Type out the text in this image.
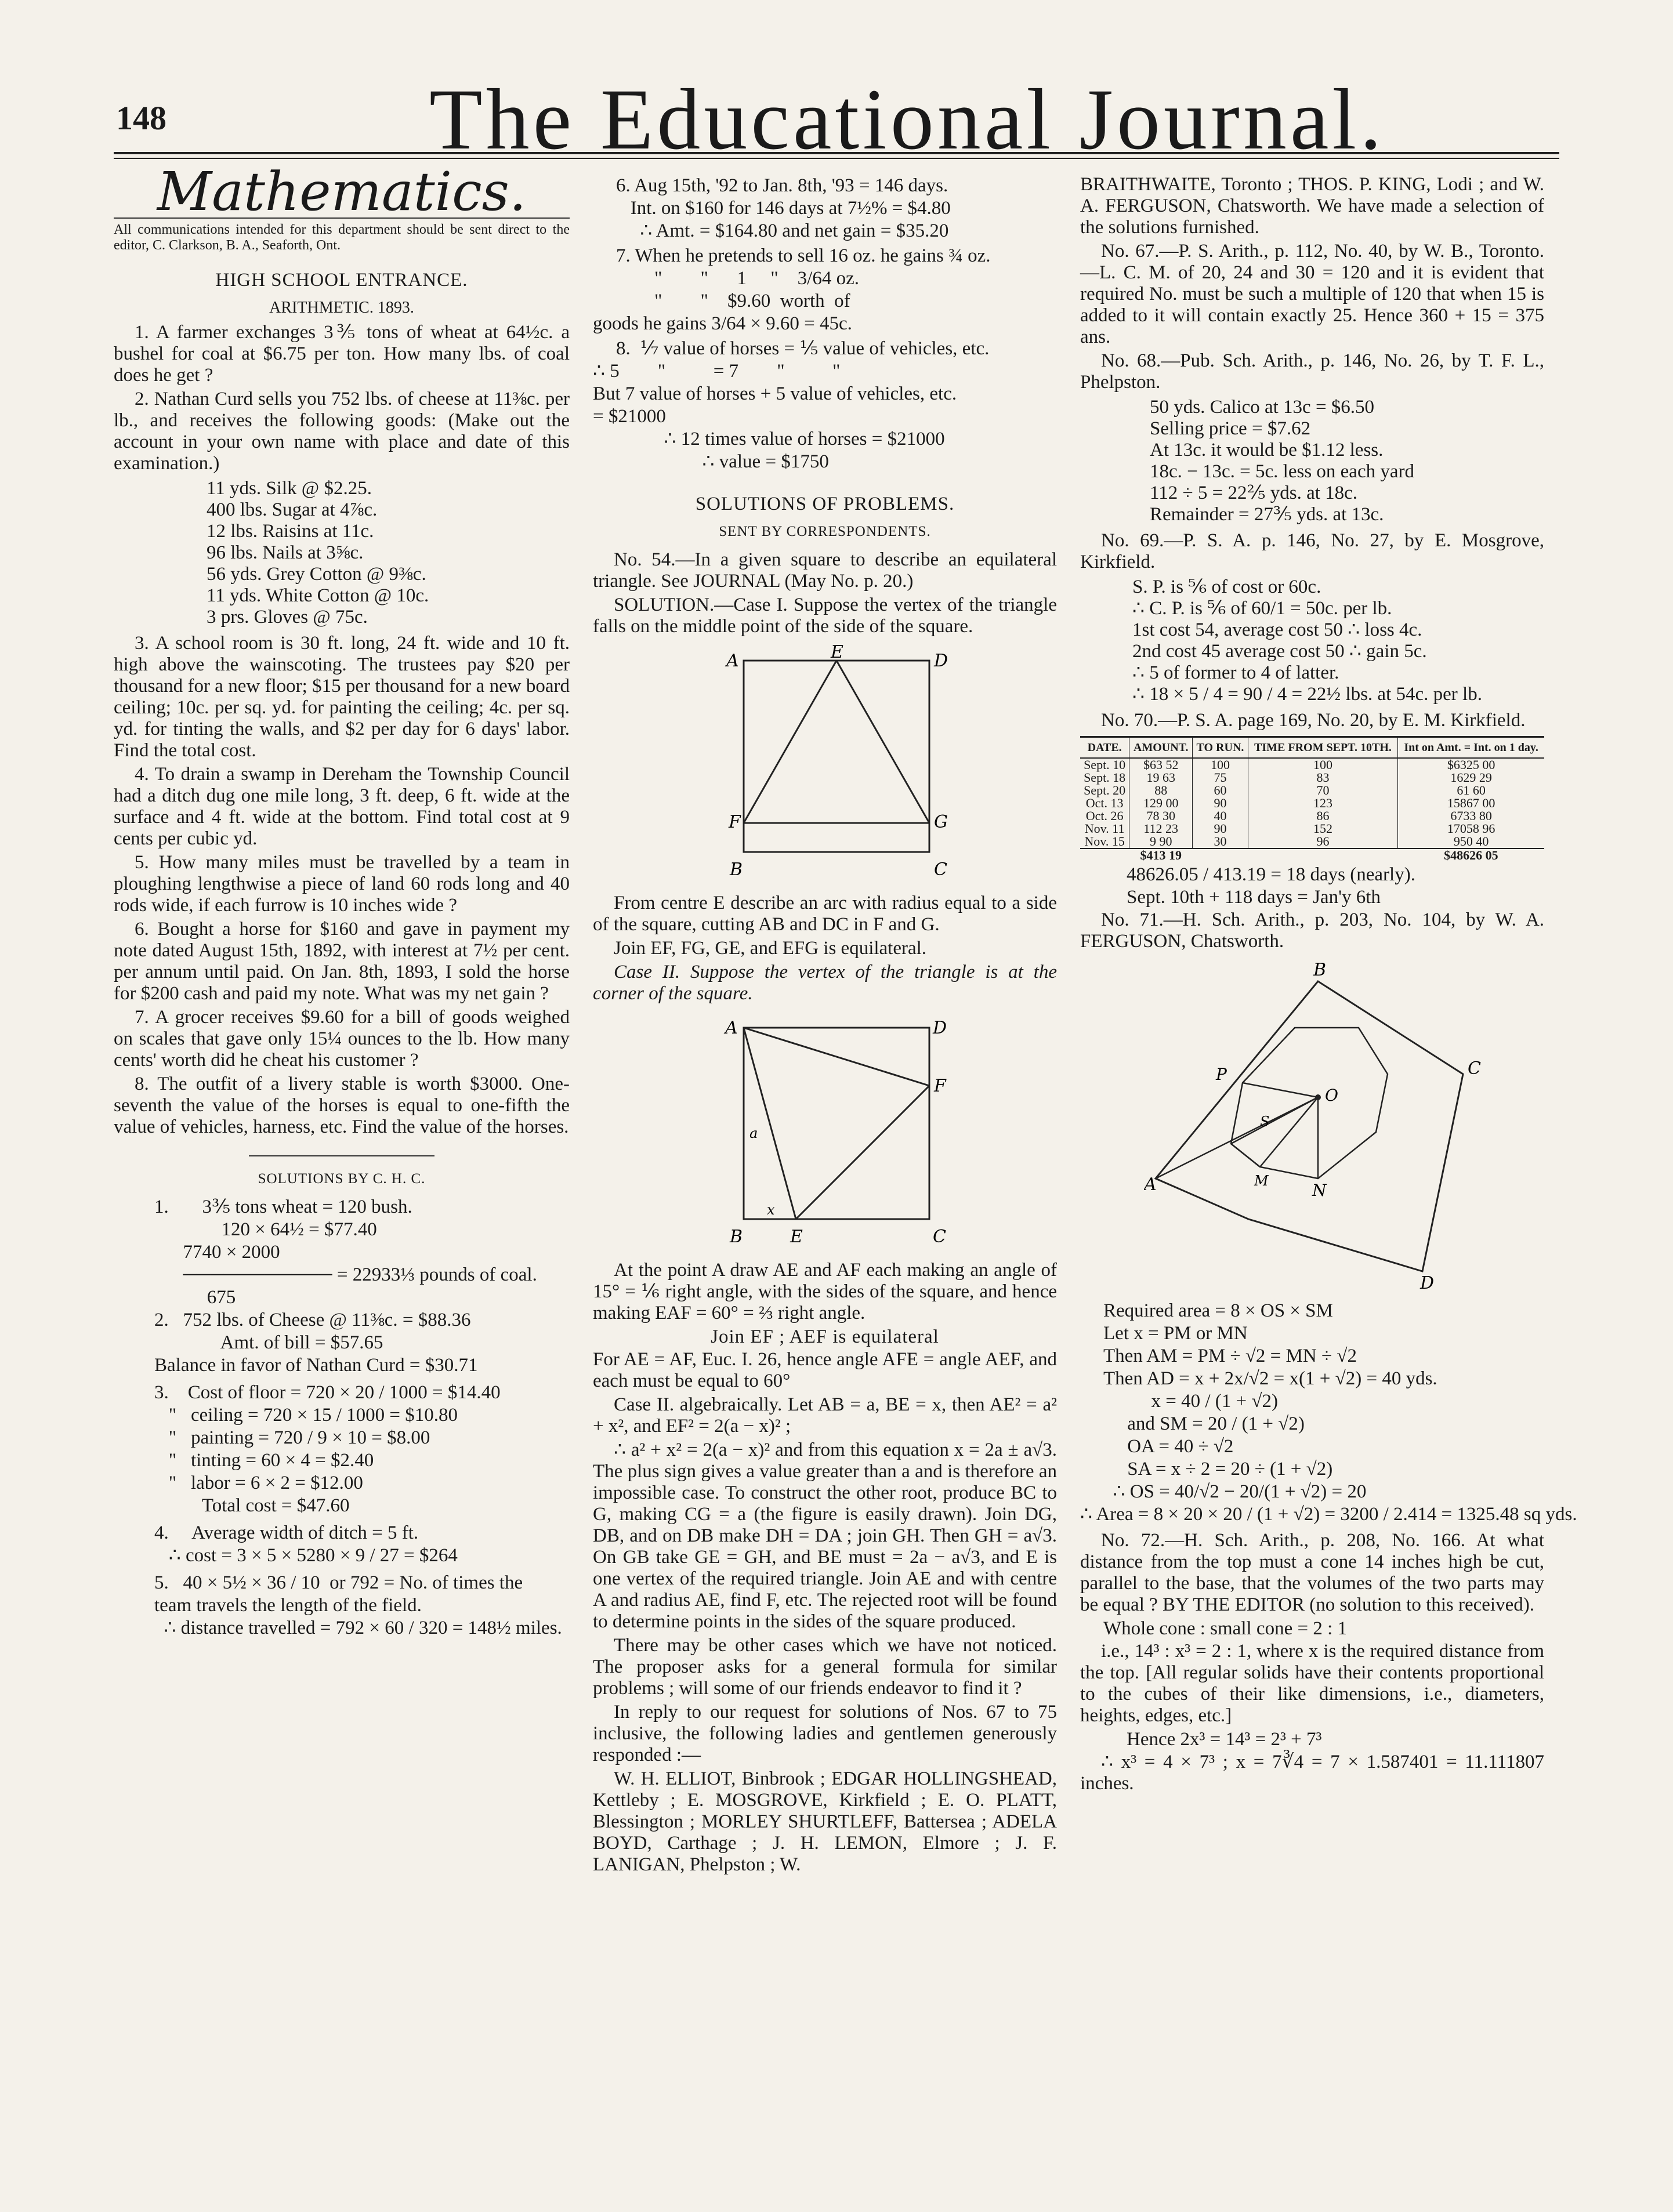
148	The Educational Journal.
Mathematics.
All communications intended for this department should be sent direct to the editor, C. Clarkson, B. A., Seaforth, Ont.
HIGH SCHOOL ENTRANCE.
ARITHMETIC. 1893.

1. A farmer exchanges 3⅗ tons of wheat at 64½c. a bushel for coal at $6.75 per ton. How many lbs. of coal does he get ?

2. Nathan Curd sells you 752 lbs. of cheese at 11⅜c. per lb., and receives the following goods: (Make out the account in your own name with place and date of this examination.)

11 yds. Silk @ $2.25.
400 lbs. Sugar at 4⅞c.
12 lbs. Raisins at 11c.
96 lbs. Nails at 3⅝c.
56 yds. Grey Cotton @ 9⅜c.
11 yds. White Cotton @ 10c.
3 prs. Gloves @ 75c.

3. A school room is 30 ft. long, 24 ft. wide and 10 ft. high above the wainscoting. The trustees pay $20 per thousand for a new floor; $15 per thousand for a new board ceiling; 10c. per sq. yd. for painting the ceiling; 4c. per sq. yd. for tinting the walls, and $2 per day for 6 days' labor. Find the total cost.

4. To drain a swamp in Dereham the Township Council had a ditch dug one mile long, 3 ft. deep, 6 ft. wide at the surface and 4 ft. wide at the bottom. Find total cost at 9 cents per cubic yd.

5. How many miles must be travelled by a team in ploughing lengthwise a piece of land 60 rods long and 40 rods wide, if each furrow is 10 inches wide ?

6. Bought a horse for $160 and gave in payment my note dated August 15th, 1892, with interest at 7½ per cent. per annum until paid. On Jan. 8th, 1893, I sold the horse for $200 cash and paid my note. What was my net gain ?

7. A grocer receives $9.60 for a bill of goods weighed on scales that gave only 15¼ ounces to the lb. How many cents' worth did he cheat his customer ?

8. The outfit of a livery stable is worth $3000. One-seventh the value of the horses is equal to one-fifth the value of vehicles, harness, etc. Find the value of the horses.

SOLUTIONS BY C. H. C.
1.       3⅗ tons wheat = 120 bush.
120 × 64½ = $77.40
7740 × 2000
─────────── = 22933⅓ pounds of coal.
675
2.   752 lbs. of Cheese @ 11⅜c. = $88.36
Amt. of bill = $57.65
Balance in favor of Nathan Curd = $30.71
3.    Cost of floor = 720 × 20 / 1000 = $14.40
"   ceiling = 720 × 15 / 1000 = $10.80
"   painting = 720 / 9 × 10 = $8.00
"   tinting = 60 × 4 = $2.40
"   labor = 6 × 2 = $12.00
Total cost = $47.60
4.     Average width of ditch = 5 ft.
∴ cost = 3 × 5 × 5280 × 9 / 27 = $264
5.   40 × 5½ × 36 / 10  or 792 = No. of times the
team travels the length of the field.
∴ distance travelled = 792 × 60 / 320 = 148½ miles.
6. Aug 15th, '92 to Jan. 8th, '93 = 146 days.
Int. on $160 for 146 days at 7½% = $4.80
∴ Amt. = $164.80 and net gain = $35.20
7. When he pretends to sell 16 oz. he gains ¾ oz.
"        "      1     "    3/64 oz.
"        "    $9.60  worth  of
goods he gains 3/64 × 9.60 = 45c.
8.  ⅐ value of horses = ⅕ value of vehicles, etc.
∴ 5        "          = 7        "          "
But 7 value of horses + 5 value of vehicles, etc.
= $21000
∴ 12 times value of horses = $21000
∴ value = $1750
SOLUTIONS OF PROBLEMS.
SENT BY CORRESPONDENTS.

No. 54.—In a given square to describe an equilateral triangle. See JOURNAL (May No. p. 20.)

SOLUTION.—Case I. Suppose the vertex of the triangle falls on the middle point of the side of the square.

A	E	D
F	G
B	C

From centre E describe an arc with radius equal to a side of the square, cutting AB and DC in F and G.

Join EF, FG, GE, and EFG is equilateral.

Case II. Suppose the vertex of the triangle is at the corner of the square.

A	D
F
a
x
B	E	C

At the point A draw AE and AF each making an angle of 15° = ⅙ right angle, with the sides of the square, and hence making EAF = 60° = ⅔ right angle.

Join EF ; AEF is equilateral

For AE = AF, Euc. I. 26, hence angle AFE = angle AEF, and each must be equal to 60°

Case II. algebraically. Let AB = a, BE = x, then AE² = a² + x², and EF² = 2(a − x)² ;

∴ a² + x² = 2(a − x)² and from this equation x = 2a ± a√3. The plus sign gives a value greater than a and is therefore an impossible case. To construct the other root, produce BC to G, making CG = a (the figure is easily drawn). Join DG, DB, and on DB make DH = DA ; join GH. Then GH = a√3. On GB take GE = GH, and BE must = 2a − a√3, and E is one vertex of the required triangle. Join AE and with centre A and radius AE, find F, etc. The rejected root will be found to determine points in the sides of the square produced.

There may be other cases which we have not noticed. The proposer asks for a general formula for similar problems ; will some of our friends endeavor to find it ?

In reply to our request for solutions of Nos. 67 to 75 inclusive, the following ladies and gentlemen generously responded :—

W. H. ELLIOT, Binbrook ; EDGAR HOLLINGSHEAD, Kettleby ; E. MOSGROVE, Kirkfield ; E. O. PLATT, Blessington ; MORLEY SHURTLEFF, Battersea ; ADELA BOYD, Carthage ; J. H. LEMON, Elmore ; J. F. LANIGAN, Phelpston ; W.

BRAITHWAITE, Toronto ; THOS. P. KING, Lodi ; and W. A. FERGUSON, Chatsworth. We have made a selection of the solutions furnished.

No. 67.—P. S. Arith., p. 112, No. 40, by W. B., Toronto.—L. C. M. of 20, 24 and 30 = 120 and it is evident that required No. must be such a multiple of 120 that when 15 is added to it will contain exactly 25. Hence 360 + 15 = 375 ans.

No. 68.—Pub. Sch. Arith., p. 146, No. 26, by T. F. L., Phelpston.

50 yds. Calico at 13c = $6.50
Selling price = $7.62
At 13c. it would be $1.12 less.
18c. − 13c. = 5c. less on each yard
112 ÷ 5 = 22⅖ yds. at 18c.
Remainder = 27⅗ yds. at 13c.

No. 69.—P. S. A. p. 146, No. 27, by E. Mosgrove, Kirkfield.

S. P. is ⅚ of cost or 60c.
∴ C. P. is ⅚ of 60/1 = 50c. per lb.
1st cost 54, average cost 50 ∴ loss 4c.
2nd cost 45 average cost 50 ∴ gain 5c.
∴ 5 of former to 4 of latter.
∴ 18 × 5 / 4 = 90 / 4 = 22½ lbs. at 54c. per lb.

No. 70.—P. S. A. page 169, No. 20, by E. M. Kirkfield.

DATE.	AMOUNT.	TO RUN.	TIME FROM SEPT. 10TH.	Int on Amt. = Int. on 1 day.
Sept. 10	$63 52	100	100	$6325 00
Sept. 18	19 63	75	83	1629 29
Sept. 20	88	60	70	61 60
Oct. 13	129 00	90	123	15867 00
Oct. 26	78 30	40	86	6733 80
Nov. 11	112 23	90	152	17058 96
Nov. 15	9 90	30	96	950 40
	$413 19			$48626 05
48626.05 / 413.19 = 18 days (nearly).
Sept. 10th + 118 days = Jan'y 6th

No. 71.—H. Sch. Arith., p. 203, No. 104, by W. A. FERGUSON, Chatsworth.

B
C
P
O
S
A	M	N
D
Required area = 8 × OS × SM
Let x = PM or MN
Then AM = PM ÷ √2 = MN ÷ √2
Then AD = x + 2x/√2 = x(1 + √2) = 40 yds.
x = 40 / (1 + √2)
and SM = 20 / (1 + √2)
OA = 40 ÷ √2
SA = x ÷ 2 = 20 ÷ (1 + √2)
∴ OS = 40/√2 − 20/(1 + √2) = 20
∴ Area = 8 × 20 × 20 / (1 + √2) = 3200 / 2.414 = 1325.48 sq yds.

No. 72.—H. Sch. Arith., p. 208, No. 166. At what distance from the top must a cone 14 inches high be cut, parallel to the base, that the volumes of the two parts may be equal ? BY THE EDITOR (no solution to this received).

Whole cone : small cone = 2 : 1

i.e., 14³ : x³ = 2 : 1, where x is the required distance from the top. [All regular solids have their contents proportional to the cubes of their like dimensions, i.e., diameters, heights, edges, etc.]

Hence 2x³ = 14³ = 2³ + 7³

∴ x³ = 4 × 7³ ; x = 7∛4 = 7 × 1.587401 = 11.111807 inches.
